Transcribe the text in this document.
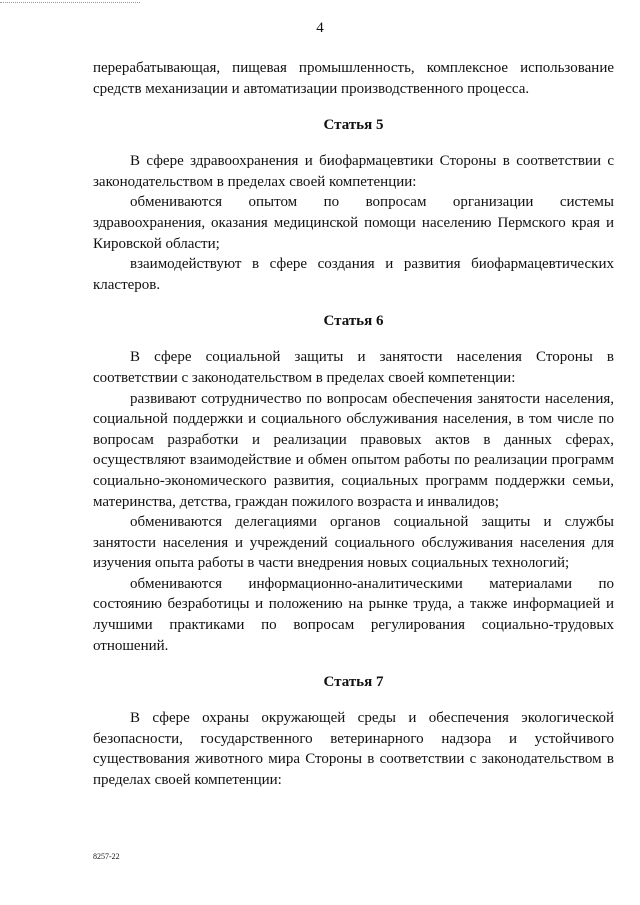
4

перерабатывающая, пищевая промышленность, комплексное использование средств механизации и автоматизации производственного процесса.

Статья 5

В сфере здравоохранения и биофармацевтики Стороны в соответствии с законодательством в пределах своей компетенции:

обмениваются опытом по вопросам организации системы здравоохранения, оказания медицинской помощи населению Пермского края и Кировской области;

взаимодействуют в сфере создания и развития биофармацевтических кластеров.

Статья 6

В сфере социальной защиты и занятости населения Стороны в соответствии с законодательством в пределах своей компетенции:

развивают сотрудничество по вопросам обеспечения занятости населения, социальной поддержки и социального обслуживания населения, в том числе по вопросам разработки и реализации правовых актов в данных сферах, осуществляют взаимодействие и обмен опытом работы по реализации программ социально-экономического развития, социальных программ поддержки семьи, материнства, детства, граждан пожилого возраста и инвалидов;

обмениваются делегациями органов социальной защиты и службы занятости населения и учреждений социального обслуживания населения для изучения опыта работы в части внедрения новых социальных технологий;

обмениваются информационно-аналитическими материалами по состоянию безработицы и положению на рынке труда, а также информацией и лучшими практиками по вопросам регулирования социально-трудовых отношений.

Статья 7

В сфере охраны окружающей среды и обеспечения экологической безопасности, государственного ветеринарного надзора и устойчивого существования животного мира Стороны в соответствии с законодательством в пределах своей компетенции:

8257-22
